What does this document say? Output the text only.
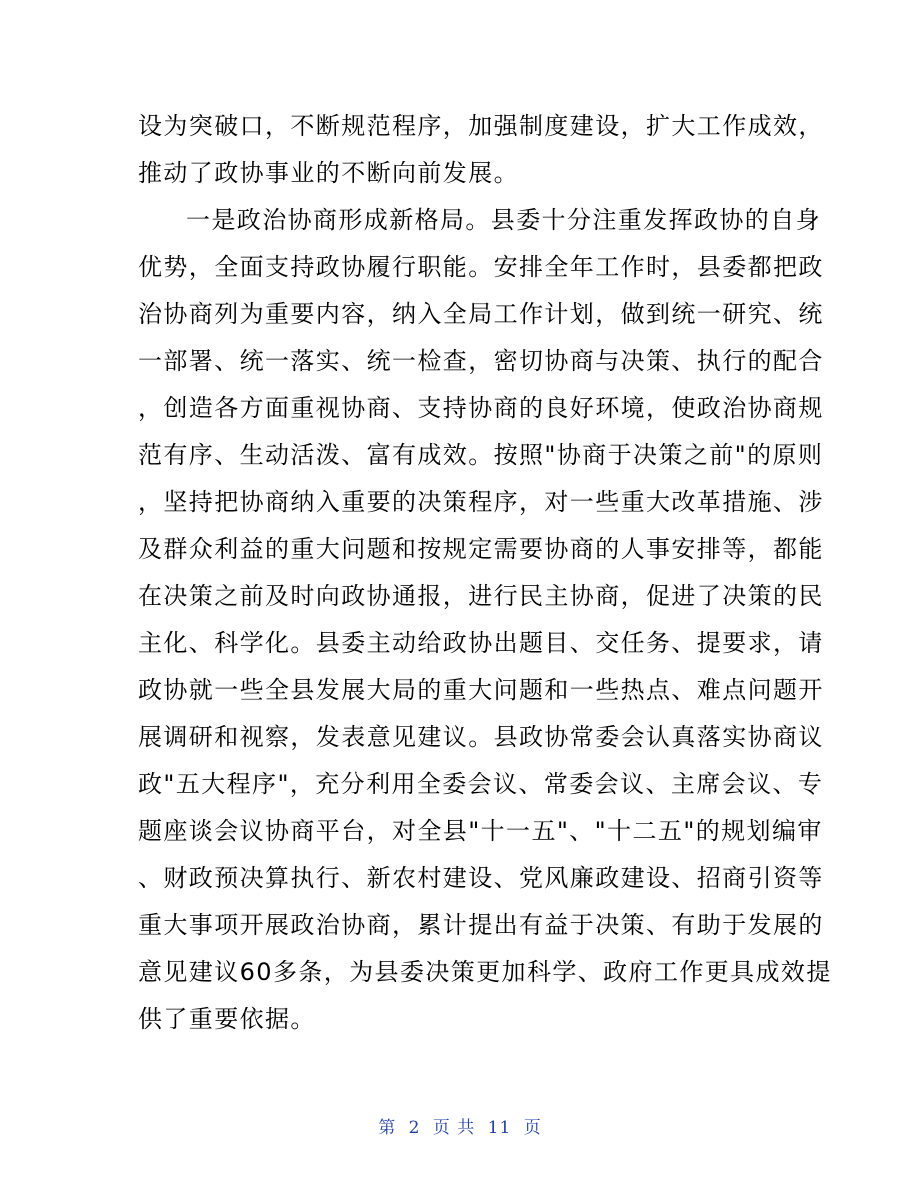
设为突破口，不断规范程序，加强制度建设，扩大工作成效，
推动了政协事业的不断向前发展。
一是政治协商形成新格局。县委十分注重发挥政协的自身
优势，全面支持政协履行职能。安排全年工作时，县委都把政
治协商列为重要内容，纳入全局工作计划，做到统一研究、统
一部署、统一落实、统一检查，密切协商与决策、执行的配合
，创造各方面重视协商、支持协商的良好环境，使政治协商规
范有序、生动活泼、富有成效。按照"协商于决策之前"的原则
，坚持把协商纳入重要的决策程序，对一些重大改革措施、涉
及群众利益的重大问题和按规定需要协商的人事安排等，都能
在决策之前及时向政协通报，进行民主协商，促进了决策的民
主化、科学化。县委主动给政协出题目、交任务、提要求，请
政协就一些全县发展大局的重大问题和一些热点、难点问题开
展调研和视察，发表意见建议。县政协常委会认真落实协商议
政"五大程序"，充分利用全委会议、常委会议、主席会议、专
题座谈会议协商平台，对全县"十一五"、"十二五"的规划编审
、财政预决算执行、新农村建设、党风廉政建设、招商引资等
重大事项开展政治协商，累计提出有益于决策、有助于发展的
意见建议60多条，为县委决策更加科学、政府工作更具成效提
供了重要依据。
第 2 页 共 11 页
